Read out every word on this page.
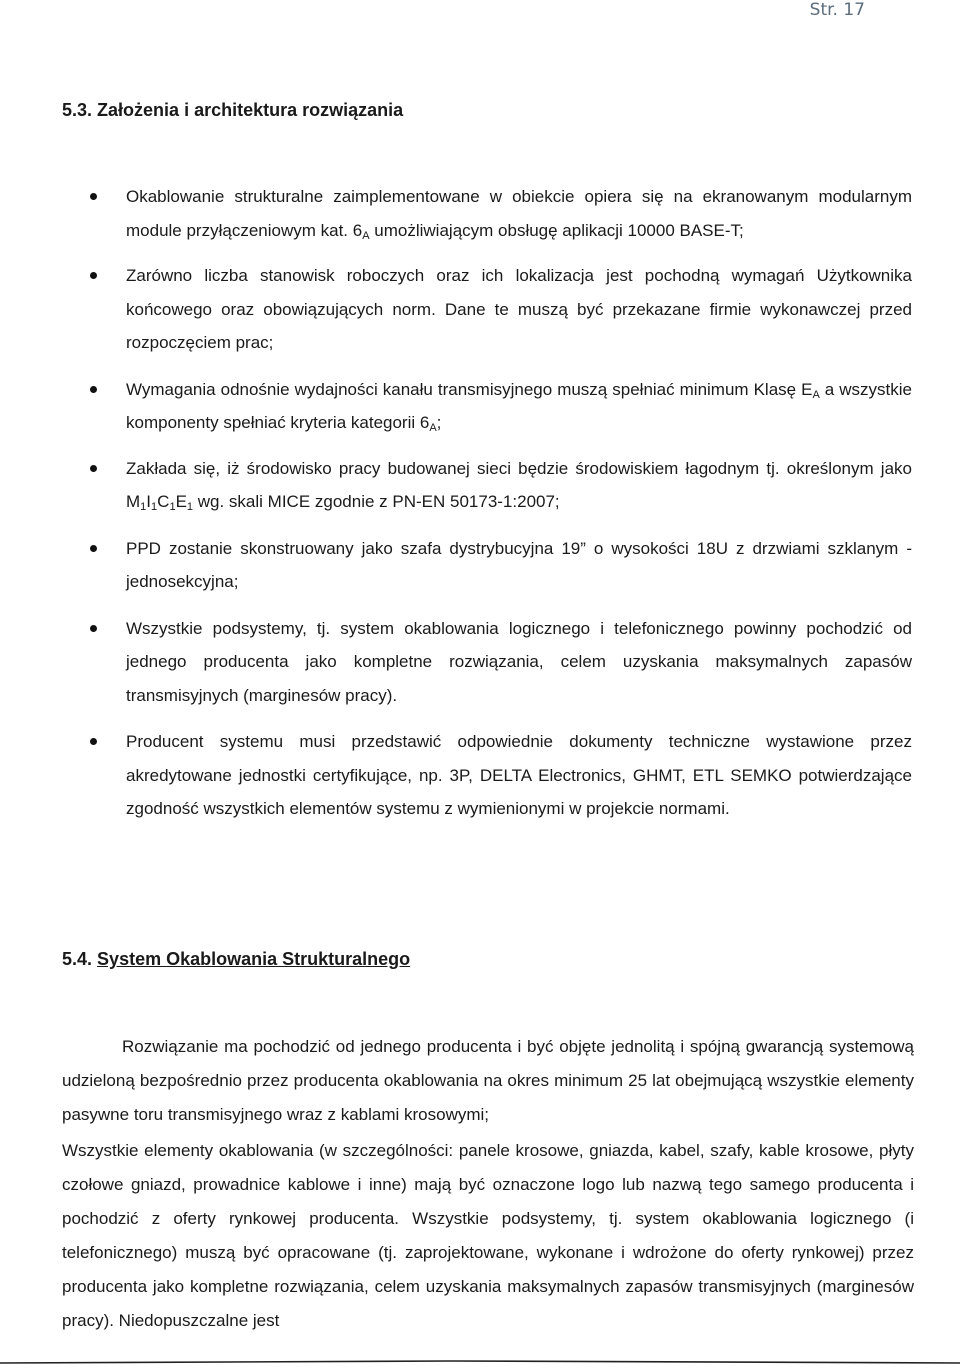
Str. 17
5.3. Założenia i architektura rozwiązania
Okablowanie strukturalne zaimplementowane w obiekcie opiera się na ekranowanym modularnym module przyłączeniowym kat. $6_A$ umożliwiającym obsługę aplikacji 10000 BASE-T;
Zarówno liczba stanowisk roboczych oraz ich lokalizacja jest pochodną wymagań Użytkownika końcowego oraz obowiązujących norm. Dane te muszą być przekazane firmie wykonawczej przed rozpoczęciem prac;
Wymagania odnośnie wydajności kanału transmisyjnego muszą spełniać minimum Klasę $E_A$ a wszystkie komponenty spełniać kryteria kategorii $6_A$;
Zakłada się, iż środowisko pracy budowanej sieci będzie środowiskiem łagodnym tj. określonym jako $M_1I_1C_1E_1$ wg. skali MICE zgodnie z PN-EN 50173-1:2007;
PPD zostanie skonstruowany jako szafa dystrybucyjna 19” o wysokości 18U z drzwiami szklanym - jednosekcyjna;
Wszystkie podsystemy, tj. system okablowania logicznego i telefonicznego powinny pochodzić od jednego producenta jako kompletne rozwiązania, celem uzyskania maksymalnych zapasów transmisyjnych (marginesów pracy).
Producent systemu musi przedstawić odpowiednie dokumenty techniczne wystawione przez akredytowane jednostki certyfikujące, np. 3P, DELTA Electronics, GHMT, ETL SEMKO potwierdzające zgodność wszystkich elementów systemu z wymienionymi w projekcie normami.
5.4. System Okablowania Strukturalnego

Rozwiązanie ma pochodzić od jednego producenta i być objęte jednolitą i spójną gwarancją systemową udzieloną bezpośrednio przez producenta okablowania na okres minimum 25 lat obejmującą wszystkie elementy pasywne toru transmisyjnego wraz z kablami krosowymi;

Wszystkie elementy okablowania (w szczególności: panele krosowe, gniazda, kabel, szafy, kable krosowe, płyty czołowe gniazd, prowadnice kablowe i inne) mają być oznaczone logo lub nazwą tego samego producenta i pochodzić z oferty rynkowej producenta. Wszystkie podsystemy, tj. system okablowania logicznego (i telefonicznego) muszą być opracowane (tj. zaprojektowane, wykonane i wdrożone do oferty rynkowej) przez producenta jako kompletne rozwiązania, celem uzyskania maksymalnych zapasów transmisyjnych (marginesów pracy). Niedopuszczalne jest
